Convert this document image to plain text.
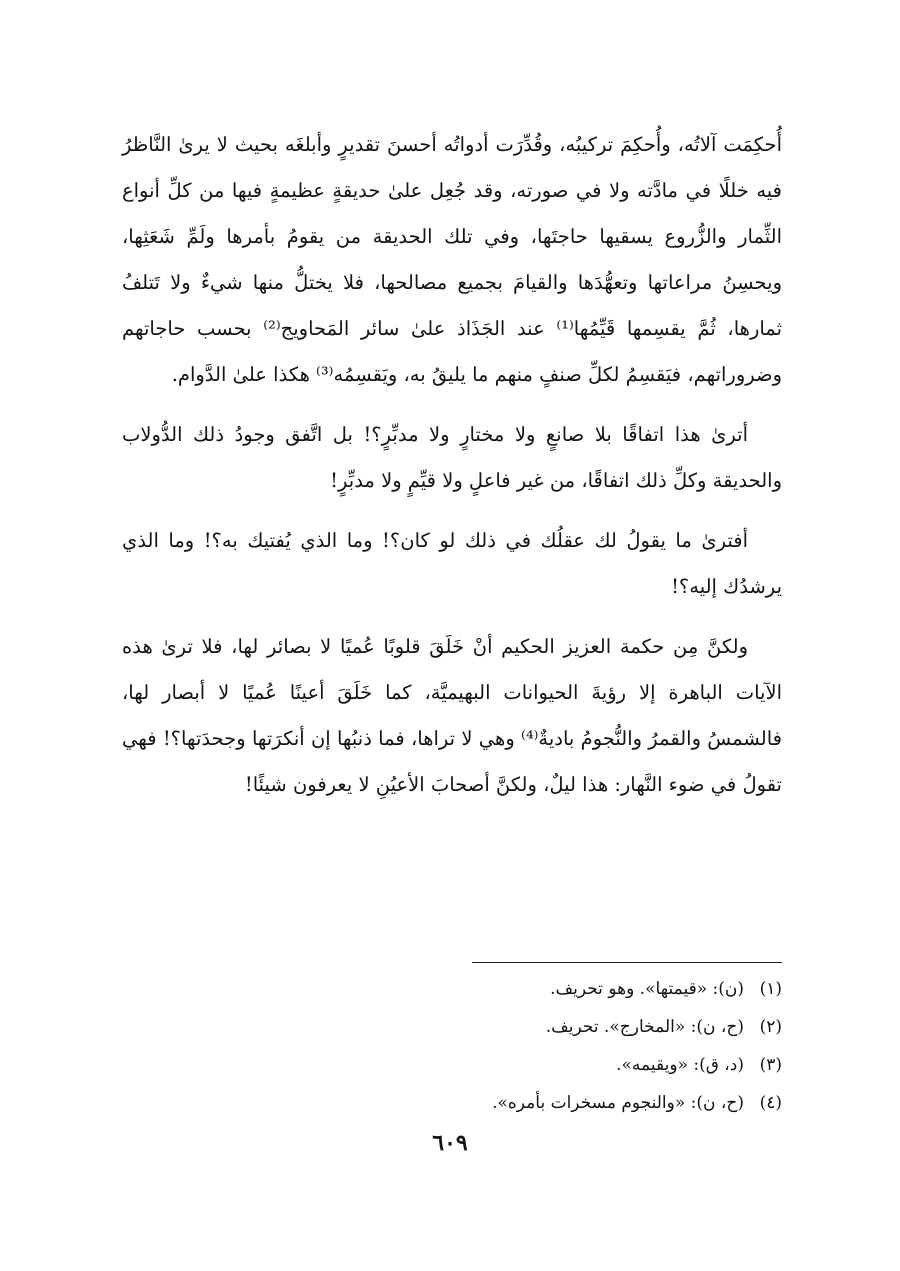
أُحكِمَت آلاتُه، وأُحكِمَ تركيبُه، وقُدِّرَت أدواتُه أحسنَ تقديرٍ وأبلغَه بحيث لا يرىٰ النَّاظرُ فيه خللًا في مادَّته ولا في صورته، وقد جُعِل علىٰ حديقةٍ عظيمةٍ فيها من كلِّ أنواع الثِّمار والزُّروع يسقيها حاجتَها، وفي تلك الحديقة من يقومُ بأمرها ولَمِّ شَعَثِها، ويحسِنُ مراعاتها وتعهُّدَها والقيامَ بجميع مصالحها، فلا يختلُّ منها شيءٌ ولا تَتلفُ ثمارها، ثُمَّ يقسِمها قَيِّمُها⁽¹⁾ عند الجَذَاذ علىٰ سائر المَحاويج⁽²⁾ بحسب حاجاتهم وضروراتهم، فيَقسِمُ لكلِّ صنفٍ منهم ما يليقُ به، ويَقسِمُه⁽³⁾ هكذا علىٰ الدَّوام.

أترىٰ هذا اتفاقًا بلا صانعٍ ولا مختارٍ ولا مدبِّرٍ؟! بل اتَّفق وجودُ ذلك الدُّولاب والحديقة وكلِّ ذلك اتفاقًا، من غير فاعلٍ ولا قيِّمٍ ولا مدبِّرٍ!

أفترىٰ ما يقولُ لك عقلُك في ذلك لو كان؟! وما الذي يُفتيك به؟! وما الذي يرشدُك إليه؟!

ولكنَّ مِن حكمة العزيز الحكيم أنْ خَلَقَ قلوبًا عُميًا لا بصائر لها، فلا ترىٰ هذه الآيات الباهرة إلا رؤيةَ الحيوانات البهيميَّة، كما خَلَقَ أعينًا عُميًا لا أبصار لها، فالشمسُ والقمرُ والنُّجومُ باديةٌ⁽⁴⁾ وهي لا تراها، فما ذنبُها إن أنكرَتها وجحدَتها؟! فهي تقولُ في ضوء النَّهار: هذا ليلٌ، ولكنَّ أصحابَ الأعيُنِ لا يعرفون شيئًا!

(١)(ن): «قيمتها». وهو تحريف.
(٢)(ح، ن): «المخارج». تحريف.
(٣)(د، ق): «ويقيمه».
(٤)(ح، ن): «والنجوم مسخرات بأمره».
٦٠٩
